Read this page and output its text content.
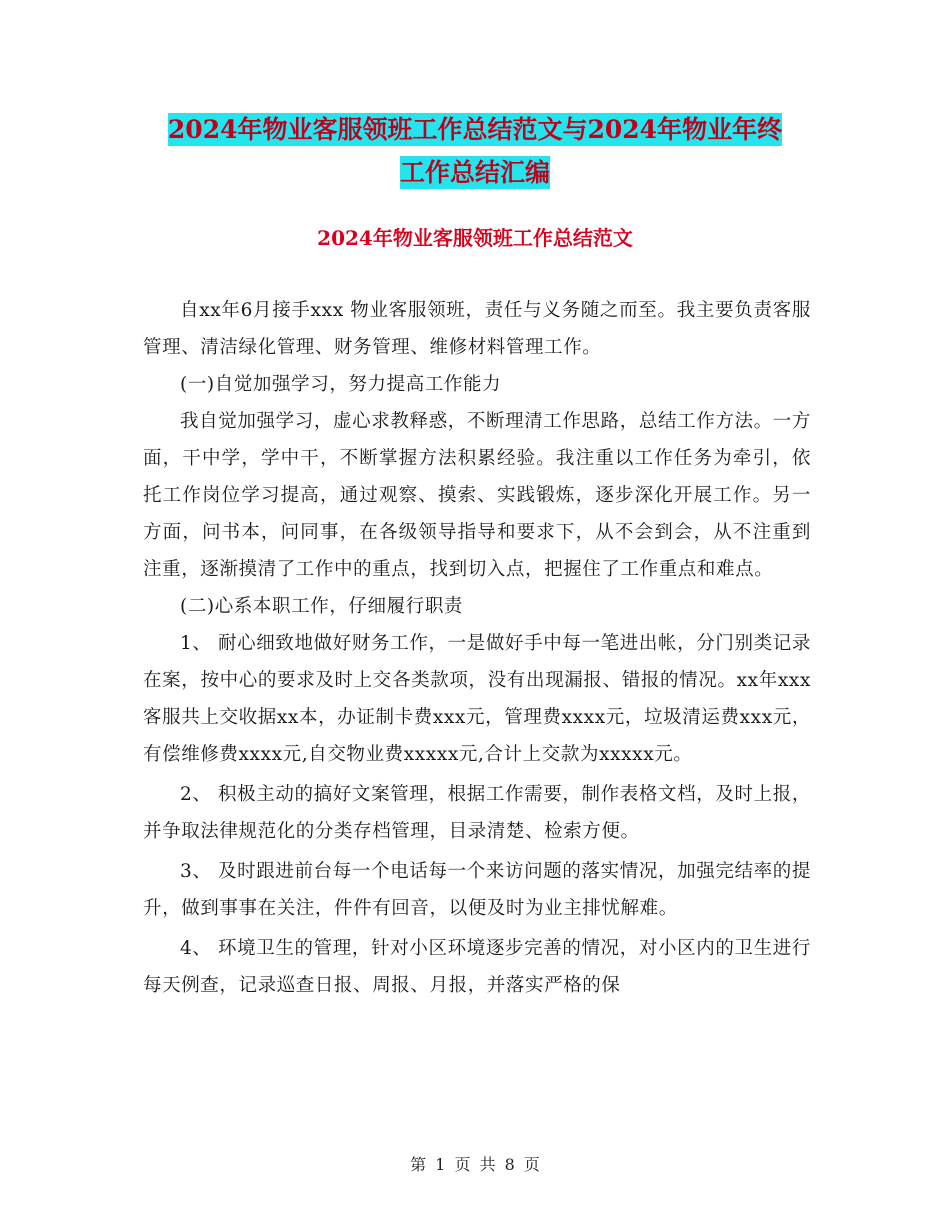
2024年物业客服领班工作总结范文与2024年物业年终
工作总结汇编
2024年物业客服领班工作总结范文

自xx年6月接手xxx 物业客服领班，责任与义务随之而至。我主要负责客服管理、清洁绿化管理、财务管理、维修材料管理工作。

(一)自觉加强学习，努力提高工作能力

我自觉加强学习，虚心求教释惑，不断理清工作思路，总结工作方法。一方面，干中学，学中干，不断掌握方法积累经验。我注重以工作任务为牵引，依托工作岗位学习提高，通过观察、摸索、实践锻炼，逐步深化开展工作。另一方面，问书本，问同事，在各级领导指导和要求下，从不会到会，从不注重到注重，逐渐摸清了工作中的重点，找到切入点，把握住了工作重点和难点。

(二)心系本职工作，仔细履行职责

1、 耐心细致地做好财务工作，一是做好手中每一笔进出帐，分门别类记录在案，按中心的要求及时上交各类款项，没有出现漏报、错报的情况。xx年xxx 客服共上交收据xx本，办证制卡费xxx元，管理费xxxx元，垃圾清运费xxx元，有偿维修费xxxx元,自交物业费xxxxx元,合计上交款为xxxxx元。

2、 积极主动的搞好文案管理，根据工作需要，制作表格文档，及时上报，并争取法律规范化的分类存档管理，目录清楚、检索方便。

3、 及时跟进前台每一个电话每一个来访问题的落实情况，加强完结率的提升，做到事事在关注，件件有回音，以便及时为业主排忧解难。

4、 环境卫生的管理，针对小区环境逐步完善的情况，对小区内的卫生进行每天例查，记录巡查日报、周报、月报，并落实严格的保

第 1 页 共 8 页
